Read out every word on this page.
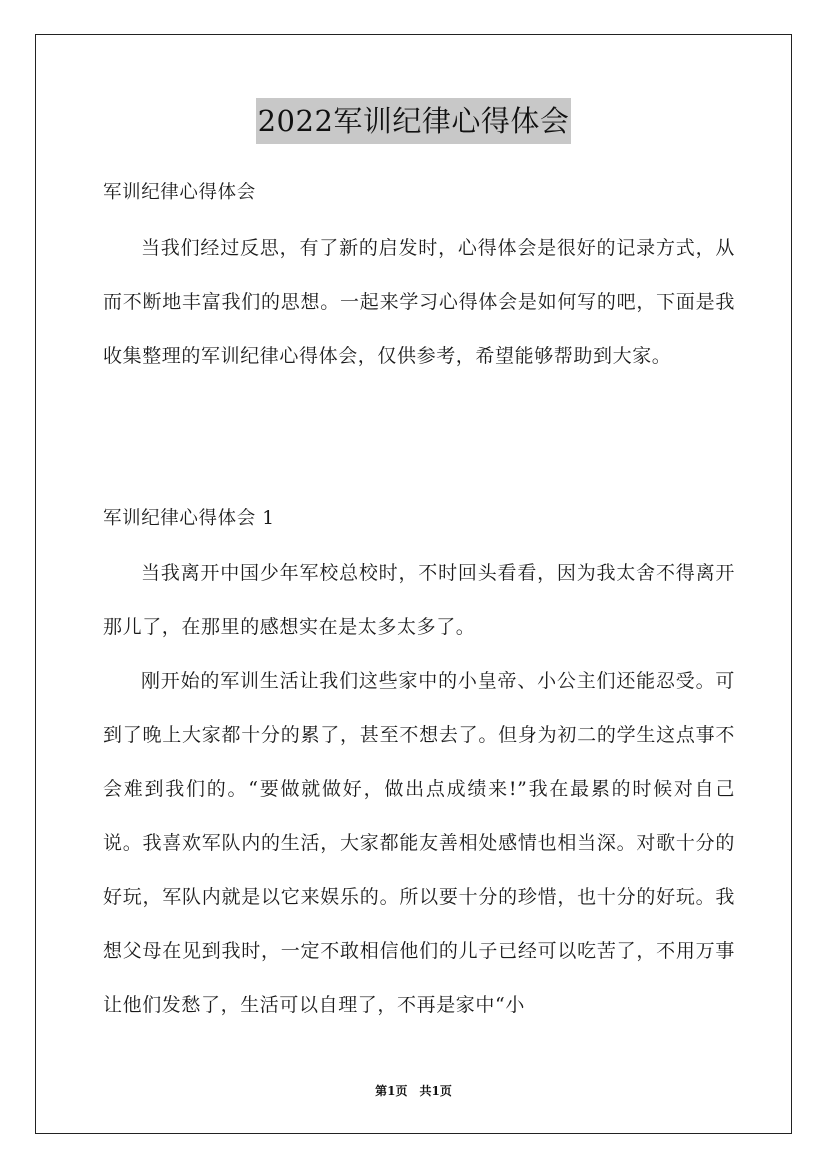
2022军训纪律心得体会
军训纪律心得体会
当我们经过反思，有了新的启发时，心得体会是很好的记录方式，从而不断地丰富我们的思想。一起来学习心得体会是如何写的吧，下面是我收集整理的军训纪律心得体会，仅供参考，希望能够帮助到大家。
军训纪律心得体会 1
当我离开中国少年军校总校时，不时回头看看，因为我太舍不得离开那儿了，在那里的感想实在是太多太多了。
刚开始的军训生活让我们这些家中的小皇帝、小公主们还能忍受。可到了晚上大家都十分的累了，甚至不想去了。但身为初二的学生这点事不会难到我们的。“要做就做好，做出点成绩来!”我在最累的时候对自己说。我喜欢军队内的生活，大家都能友善相处感情也相当深。对歌十分的好玩，军队内就是以它来娱乐的。所以要十分的珍惜，也十分的好玩。我想父母在见到我时，一定不敢相信他们的儿子已经可以吃苦了，不用万事让他们发愁了，生活可以自理了，不再是家中“小
第1页　共1页
